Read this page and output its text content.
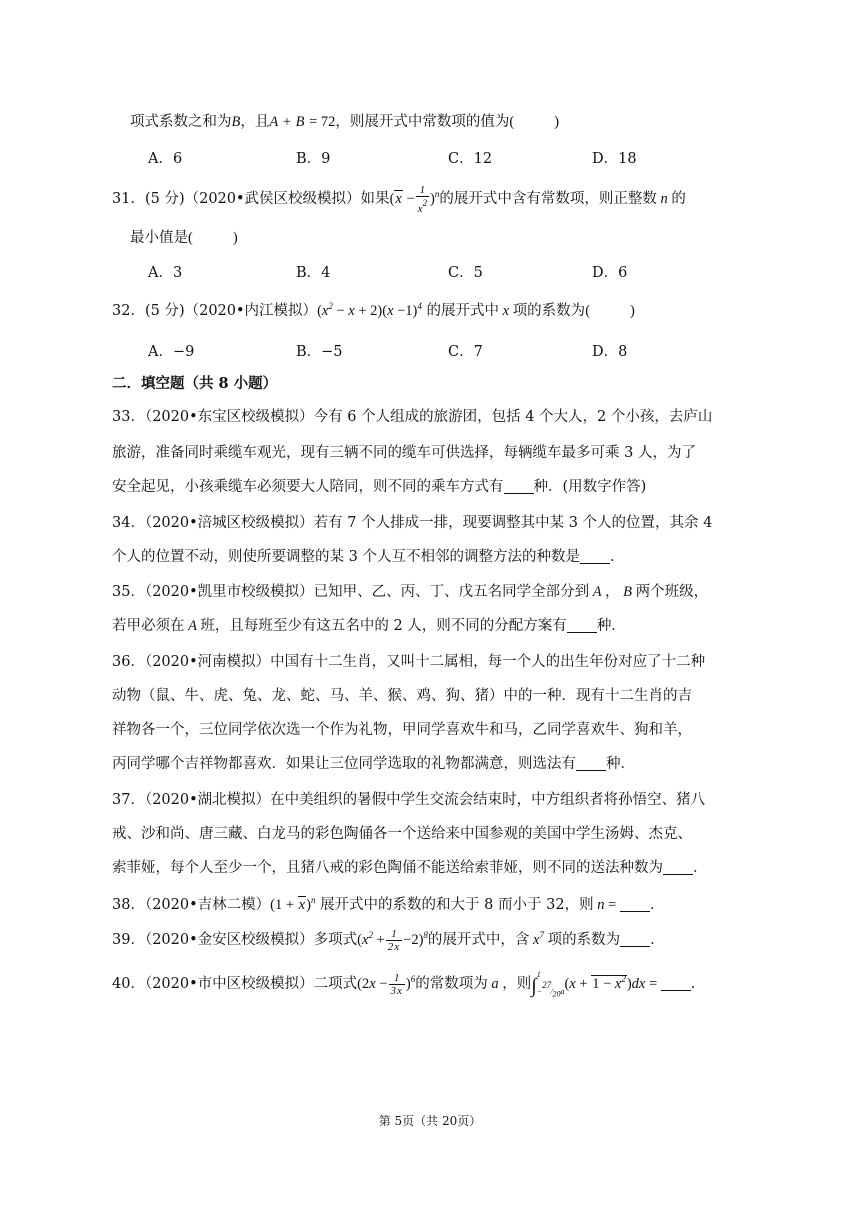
项式系数之和为B，且A + B = 72，则展开式中常数项的值为(	)
A．6	B．9	C．12	D．18
31．(5 分)（2020•武侯区校级模拟）如果$(x - \frac{1}{x^2} )^n$的展开式中含有常数项，则正整数 n 的
最小值是(	)
A．3	B．4	C．5	D．6
32．(5 分)（2020•内江模拟）$(x^2 - x + 2)(x -1)^4$ 的展开式中 x 项的系数为(	)
A．−9	B．−5	C．7	D．8
二．填空题（共 8 小题）
33．（2020•东宝区校级模拟）今有 6 个人组成的旅游团，包括 4 个大人，2 个小孩，去庐山
旅游，准备同时乘缆车观光，现有三辆不同的缆车可供选择，每辆缆车最多可乘 3 人，为了
安全起见，小孩乘缆车必须要大人陪同，则不同的乘车方式有 种．(用数字作答)
34．（2020•涪城区校级模拟）若有 7 个人排成一排，现要调整其中某 3 个人的位置，其余 4
个人的位置不动，则使所要调整的某 3 个人互不相邻的调整方法的种数是 ．
35．（2020•凯里市校级模拟）已知甲、乙、丙、丁、戊五名同学全部分到 A ， B 两个班级，
若甲必须在 A 班，且每班至少有这五名中的 2 人，则不同的分配方案有 种．
36．（2020•河南模拟）中国有十二生肖，又叫十二属相，每一个人的出生年份对应了十二种
动物（鼠、牛、虎、兔、龙、蛇、马、羊、猴、鸡、狗、猪）中的一种．现有十二生肖的吉
祥物各一个，三位同学依次选一个作为礼物，甲同学喜欢牛和马，乙同学喜欢牛、狗和羊，
丙同学哪个吉祥物都喜欢．如果让三位同学选取的礼物都满意，则选法有 种．
37．（2020•湖北模拟）在中美组织的暑假中学生交流会结束时，中方组织者将孙悟空、猪八
戒、沙和尚、唐三藏、白龙马的彩色陶俑各一个送给来中国参观的美国中学生汤姆、杰克、
索菲娅，每个人至少一个，且猪八戒的彩色陶俑不能送给索菲娅，则不同的送法种数为 ．
38．（2020•吉林二模）$(1 + x)^n$ 展开式中的系数的和大于 8 而小于 32，则 n = ．
39．（2020•金安区校级模拟）多项式$(x^2 + \frac{1}{2x} -2)^8$的展开式中，含 $x^7$ 项的系数为 ．
40．（2020•市中区校级模拟）二项式$(2x - \frac{1}{3x} )^6$的常数项为 a ，则∫
1
$-^{27}⁄_{20}a$ $(x + 1 - x^2)dx$ = ．
第 5页（共 20页）
